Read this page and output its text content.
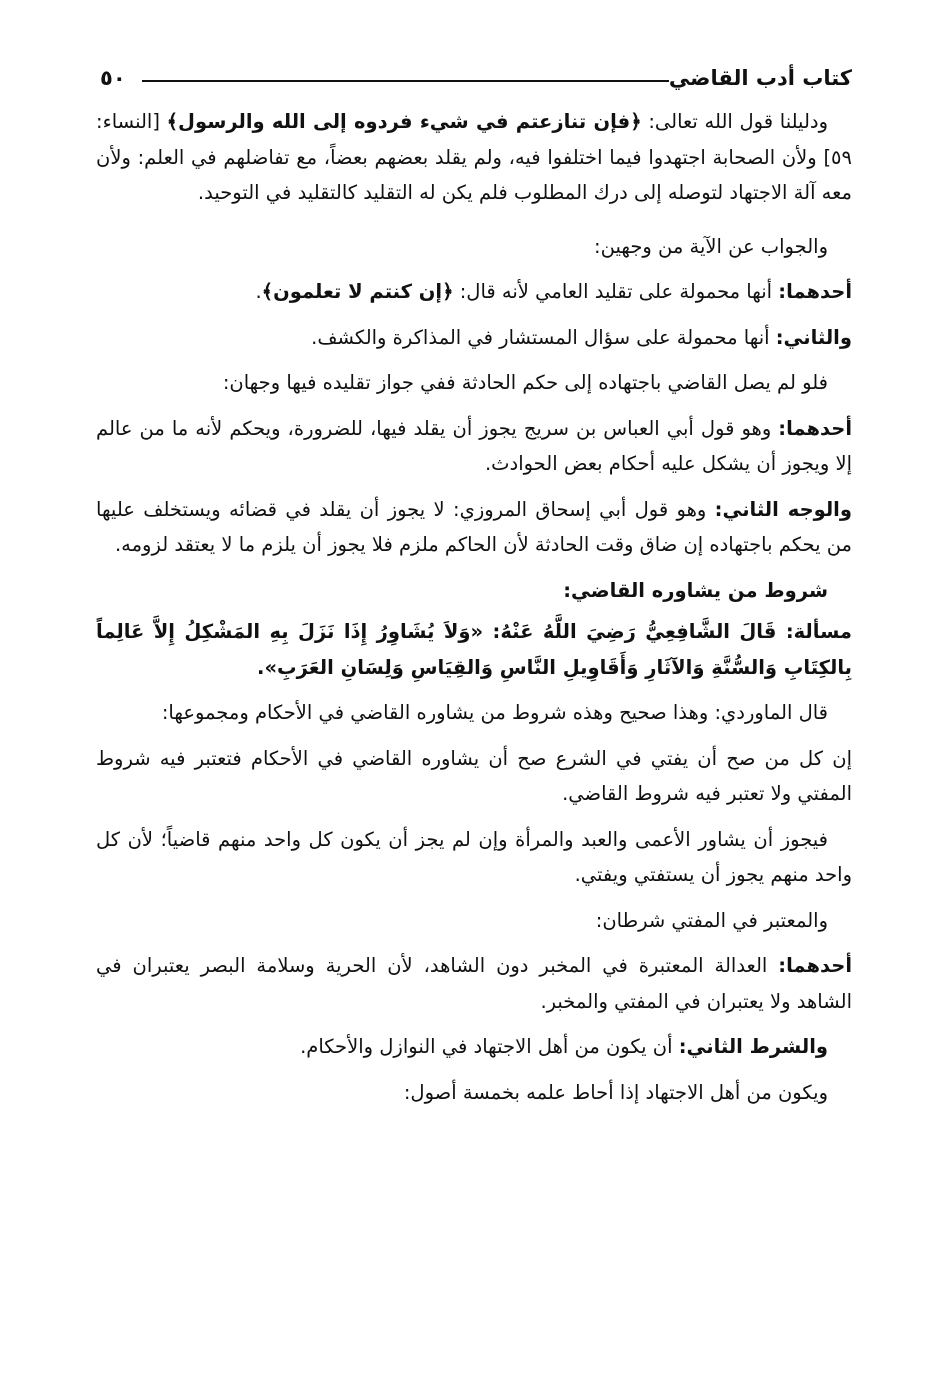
كتاب أدب القاضي
٥٠

ودليلنا قول الله تعالى: ﴿فإن تنازعتم في شيء فردوه إلى الله والرسول﴾ [النساء: ٥٩] ولأن الصحابة اجتهدوا فيما اختلفوا فيه، ولم يقلد بعضهم بعضاً، مع تفاضلهم في العلم: ولأن معه آلة الاجتهاد لتوصله إلى درك المطلوب فلم يكن له التقليد كالتقليد في التوحيد.

والجواب عن الآية من وجهين:

أحدهما: أنها محمولة على تقليد العامي لأنه قال: ﴿إن كنتم لا تعلمون﴾.

والثاني: أنها محمولة على سؤال المستشار في المذاكرة والكشف.

فلو لم يصل القاضي باجتهاده إلى حكم الحادثة ففي جواز تقليده فيها وجهان:

أحدهما: وهو قول أبي العباس بن سريج يجوز أن يقلد فيها، للضرورة، ويحكم لأنه ما من عالم إلا ويجوز أن يشكل عليه أحكام بعض الحوادث.

والوجه الثاني: وهو قول أبي إسحاق المروزي: لا يجوز أن يقلد في قضائه ويستخلف عليها من يحكم باجتهاده إن ضاق وقت الحادثة لأن الحاكم ملزم فلا يجوز أن يلزم ما لا يعتقد لزومه.

شروط من يشاوره القاضي:

مسألة: قَالَ الشَّافِعِيُّ رَضِيَ اللَّهُ عَنْهُ: «وَلاَ يُشَاوِرُ إِذَا نَزَلَ بِهِ المَشْكِلُ إِلاَّ عَالِماً بِالكِتَابِ وَالسُّنَّةِ وَالآثَارِ وَأَقَاوِيلِ النَّاسِ وَالقِيَاسِ وَلِسَانِ العَرَبِ».

قال الماوردي: وهذا صحيح وهذه شروط من يشاوره القاضي في الأحكام ومجموعها:

إن كل من صح أن يفتي في الشرع صح أن يشاوره القاضي في الأحكام فتعتبر فيه شروط المفتي ولا تعتبر فيه شروط القاضي.

فيجوز أن يشاور الأعمى والعبد والمرأة وإن لم يجز أن يكون كل واحد منهم قاضياً؛ لأن كل واحد منهم يجوز أن يستفتي ويفتي.

والمعتبر في المفتي شرطان:

أحدهما: العدالة المعتبرة في المخبر دون الشاهد، لأن الحرية وسلامة البصر يعتبران في الشاهد ولا يعتبران في المفتي والمخبر.

والشرط الثاني: أن يكون من أهل الاجتهاد في النوازل والأحكام.

ويكون من أهل الاجتهاد إذا أحاط علمه بخمسة أصول:
